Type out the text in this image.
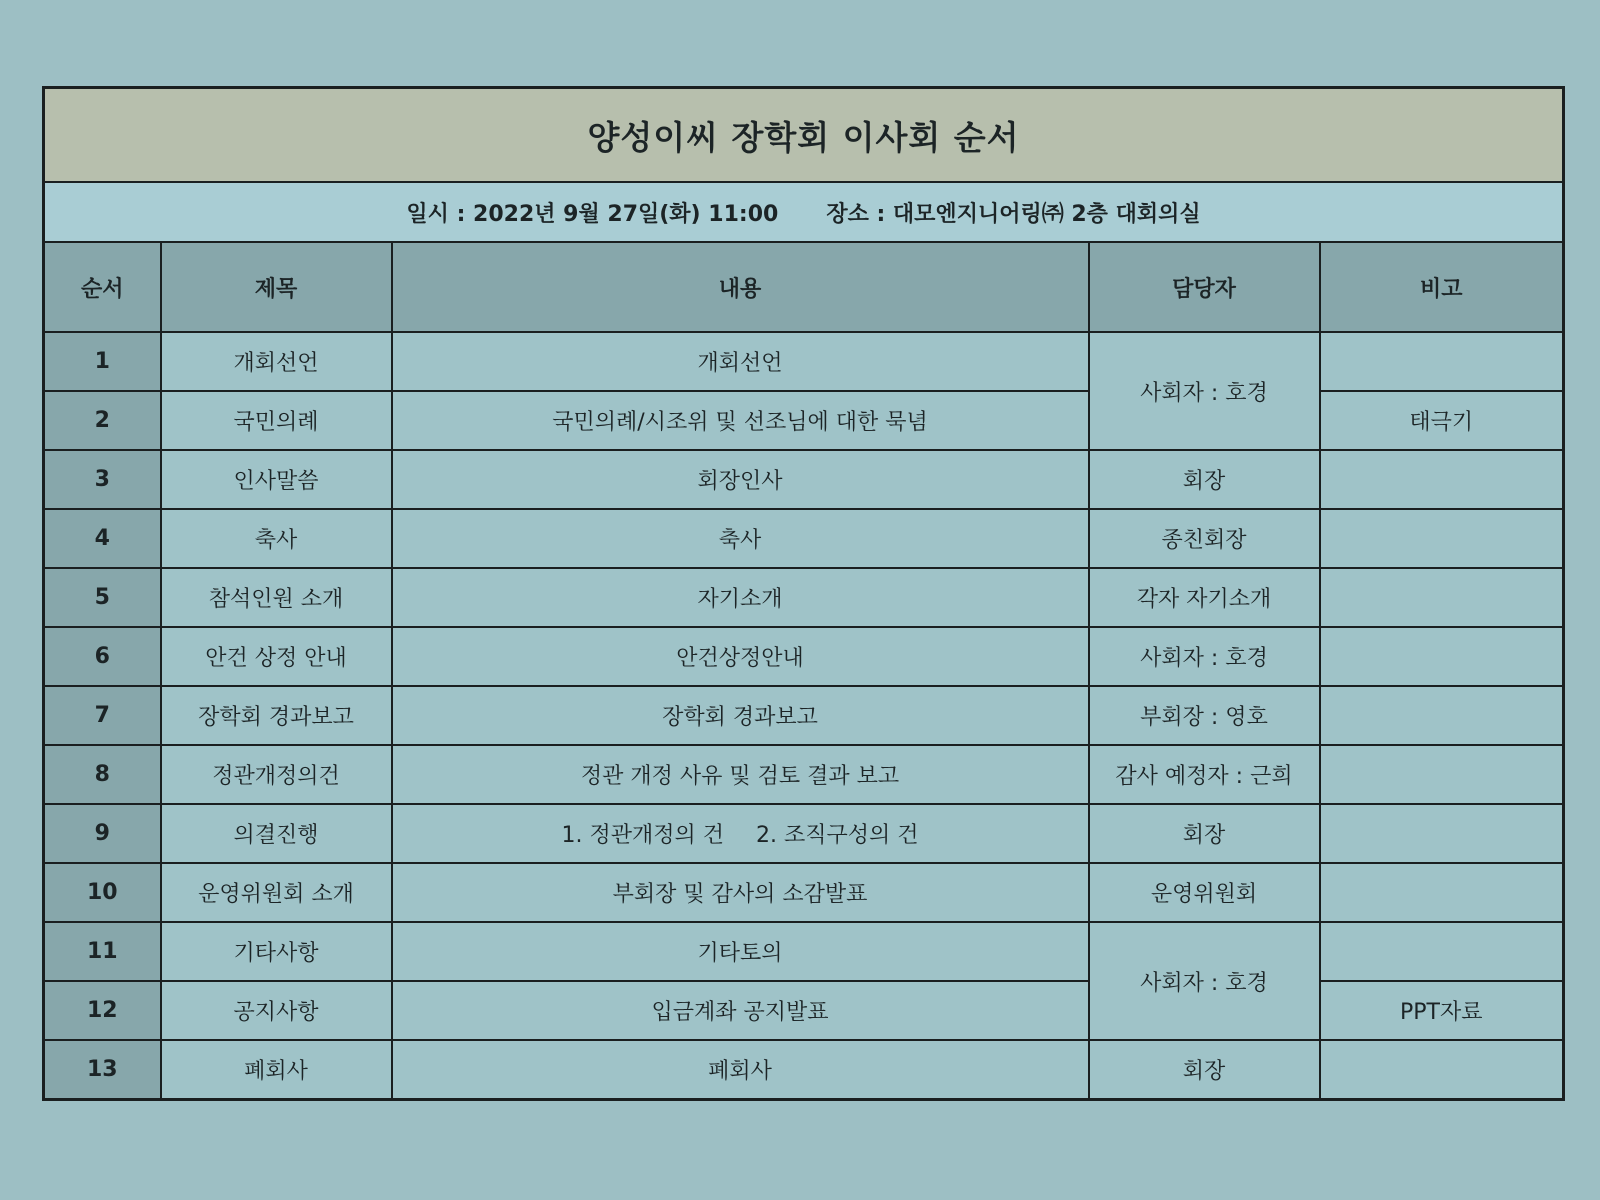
양성이씨 장학회 이사회 순서				
일시 : 2022년 9월 27일(화) 11:00 장소 : 대모엔지니어링㈜ 2층 대회의실				
순서	제목	내용	담당자	비고
1	개회선언	개회선언	사회자 : 호경	
2	국민의례	국민의례/시조위 및 선조님에 대한 묵념		태극기
3	인사말씀	회장인사	회장	
4	축사	축사	종친회장	
5	참석인원 소개	자기소개	각자 자기소개	
6	안건 상정 안내	안건상정안내	사회자 : 호경	
7	장학회 경과보고	장학회 경과보고	부회장 : 영호	
8	정관개정의건	정관 개정 사유 및 검토 결과 보고	감사 예정자 : 근희	
9	의결진행	1. 정관개정의 건 2. 조직구성의 건	회장	
10	운영위원회 소개	부회장 및 감사의 소감발표	운영위원회	
11	기타사항	기타토의	사회자 : 호경	
12	공지사항	입금계좌 공지발표		PPT자료
13	폐회사	폐회사	회장	
